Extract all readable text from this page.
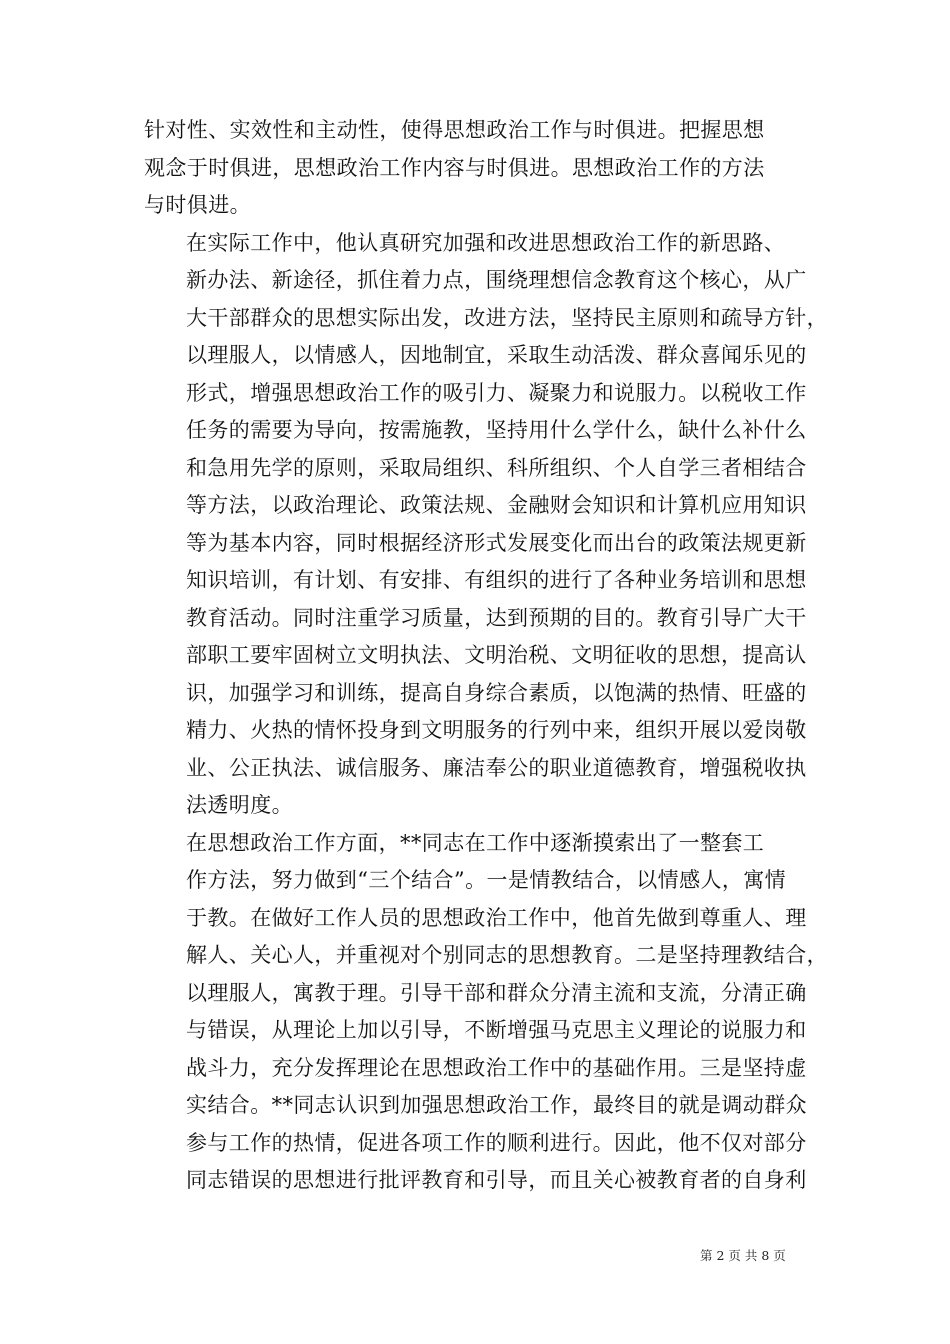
针对性、实效性和主动性，使得思想政治工作与时俱进。把握思想
观念于时俱进，思想政治工作内容与时俱进。思想政治工作的方法
与时俱进。

在实际工作中，他认真研究加强和改进思想政治工作的新思路、
新办法、新途径，抓住着力点，围绕理想信念教育这个核心，从广
大干部群众的思想实际出发，改进方法，坚持民主原则和疏导方针，
以理服人，以情感人，因地制宜，采取生动活泼、群众喜闻乐见的
形式，增强思想政治工作的吸引力、凝聚力和说服力。以税收工作
任务的需要为导向，按需施教，坚持用什么学什么，缺什么补什么
和急用先学的原则，采取局组织、科所组织、个人自学三者相结合
等方法，以政治理论、政策法规、金融财会知识和计算机应用知识
等为基本内容，同时根据经济形式发展变化而出台的政策法规更新
知识培训，有计划、有安排、有组织的进行了各种业务培训和思想
教育活动。同时注重学习质量，达到预期的目的。教育引导广大干
部职工要牢固树立文明执法、文明治税、文明征收的思想，提高认
识，加强学习和训练，提高自身综合素质，以饱满的热情、旺盛的
精力、火热的情怀投身到文明服务的行列中来，组织开展以爱岗敬
业、公正执法、诚信服务、廉洁奉公的职业道德教育，增强税收执
法透明度。

在思想政治工作方面，**同志在工作中逐渐摸索出了一整套工
作方法，努力做到“三个结合”。一是情教结合，以情感人，寓情
于教。在做好工作人员的思想政治工作中，他首先做到尊重人、理
解人、关心人，并重视对个别同志的思想教育。二是坚持理教结合，
以理服人，寓教于理。引导干部和群众分清主流和支流，分清正确
与错误，从理论上加以引导，不断增强马克思主义理论的说服力和
战斗力，充分发挥理论在思想政治工作中的基础作用。三是坚持虚
实结合。**同志认识到加强思想政治工作，最终目的就是调动群众
参与工作的热情，促进各项工作的顺利进行。因此，他不仅对部分
同志错误的思想进行批评教育和引导，而且关心被教育者的自身利

第 2 页 共 8 页
